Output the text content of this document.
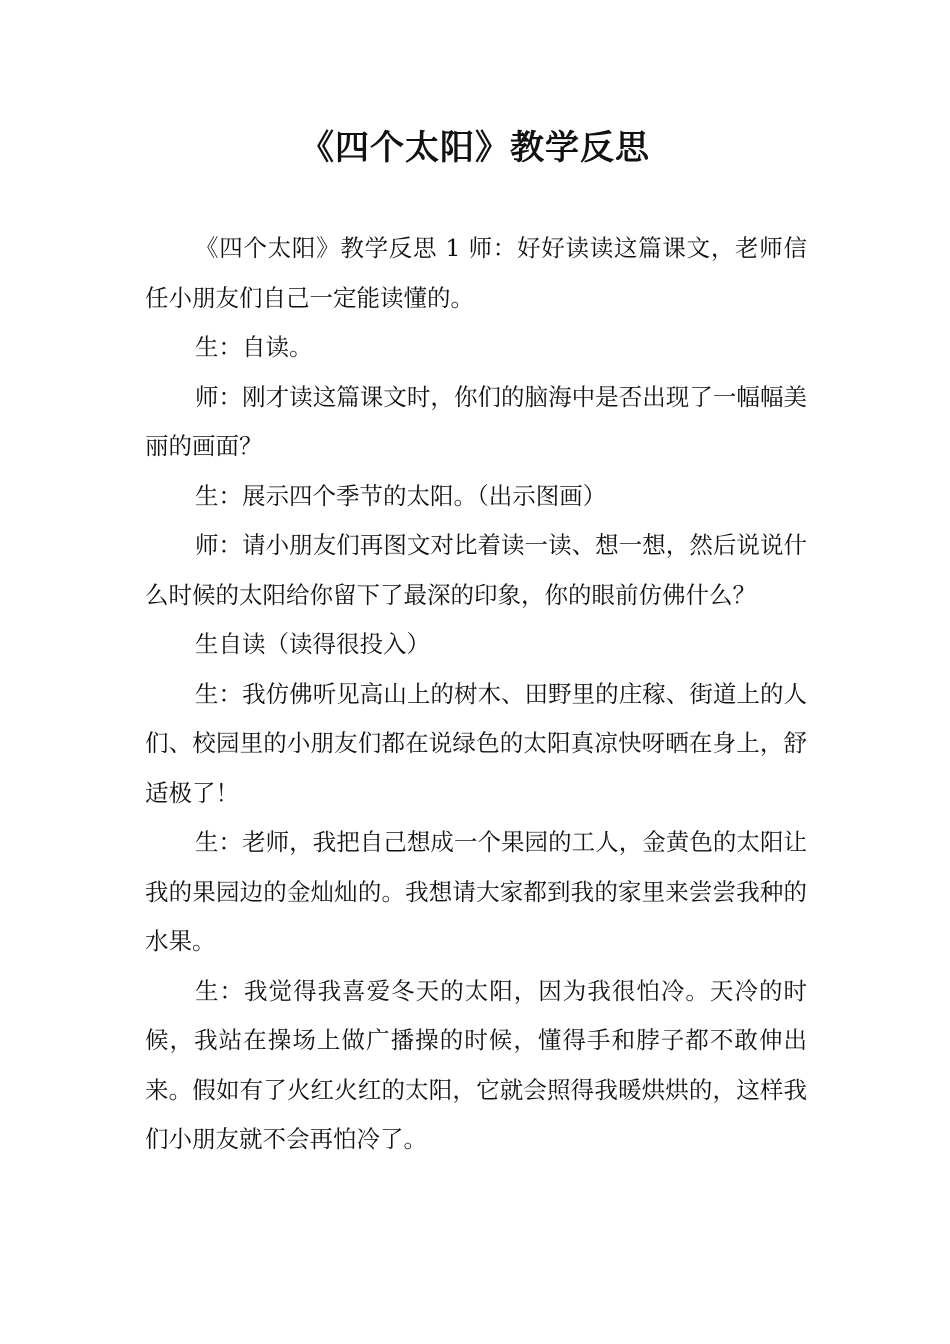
《四个太阳》教学反思

《四个太阳》教学反思 1 师：好好读读这篇课文，老师信任小朋友们自己一定能读懂的。

生：自读。

师：刚才读这篇课文时，你们的脑海中是否出现了一幅幅美丽的画面？

生：展示四个季节的太阳。（出示图画）

师：请小朋友们再图文对比着读一读、想一想，然后说说什么时候的太阳给你留下了最深的印象，你的眼前仿佛什么？

生自读（读得很投入）

生：我仿佛听见高山上的树木、田野里的庄稼、街道上的人们、校园里的小朋友们都在说绿色的太阳真凉快呀晒在身上，舒适极了！

生：老师，我把自己想成一个果园的工人，金黄色的太阳让我的果园边的金灿灿的。我想请大家都到我的家里来尝尝我种的水果。

生：我觉得我喜爱冬天的太阳，因为我很怕冷。天冷的时候，我站在操场上做广播操的时候，懂得手和脖子都不敢伸出来。假如有了火红火红的太阳，它就会照得我暖烘烘的，这样我们小朋友就不会再怕冷了。
